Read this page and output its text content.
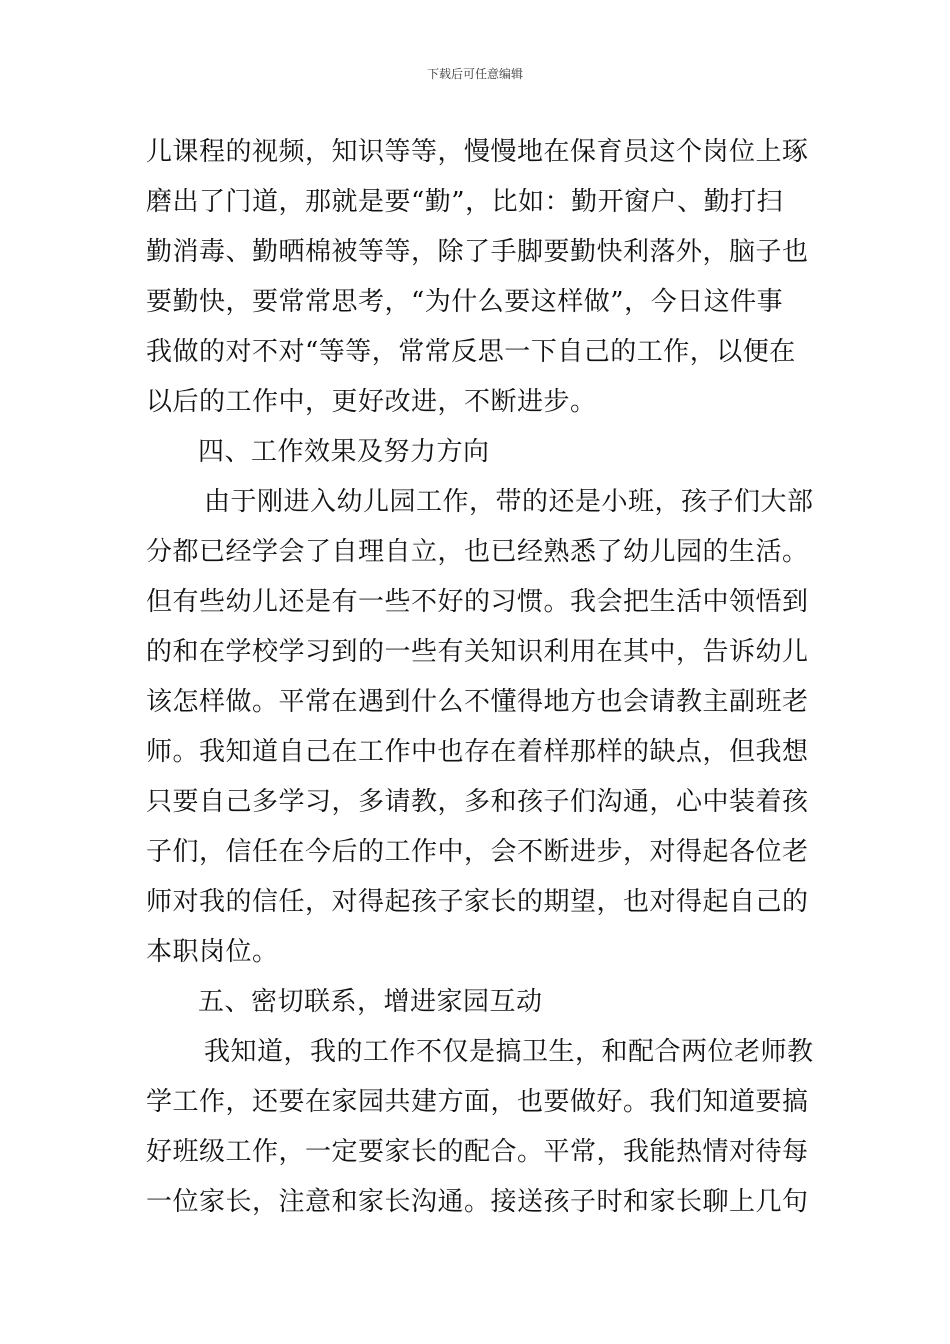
下载后可任意编辑
儿课程的视频，知识等等，慢慢地在保育员这个岗位上琢
磨出了门道，那就是要“勤”，比如：勤开窗户、勤打扫
勤消毒、勤晒棉被等等，除了手脚要勤快利落外，脑子也
要勤快，要常常思考，“为什么要这样做”，今日这件事
我做的对不对“等等，常常反思一下自己的工作，以便在
以后的工作中，更好改进，不断进步。
四、工作效果及努力方向
由于刚进入幼儿园工作，带的还是小班，孩子们大部
分都已经学会了自理自立，也已经熟悉了幼儿园的生活。
但有些幼儿还是有一些不好的习惯。我会把生活中领悟到
的和在学校学习到的一些有关知识利用在其中，告诉幼儿
该怎样做。平常在遇到什么不懂得地方也会请教主副班老
师。我知道自己在工作中也存在着样那样的缺点，但我想
只要自己多学习，多请教，多和孩子们沟通，心中装着孩
子们，信任在今后的工作中，会不断进步，对得起各位老
师对我的信任，对得起孩子家长的期望，也对得起自己的
本职岗位。
五、密切联系，增进家园互动
我知道，我的工作不仅是搞卫生，和配合两位老师教
学工作，还要在家园共建方面，也要做好。我们知道要搞
好班级工作，一定要家长的配合。平常，我能热情对待每
一位家长，注意和家长沟通。接送孩子时和家长聊上几句
